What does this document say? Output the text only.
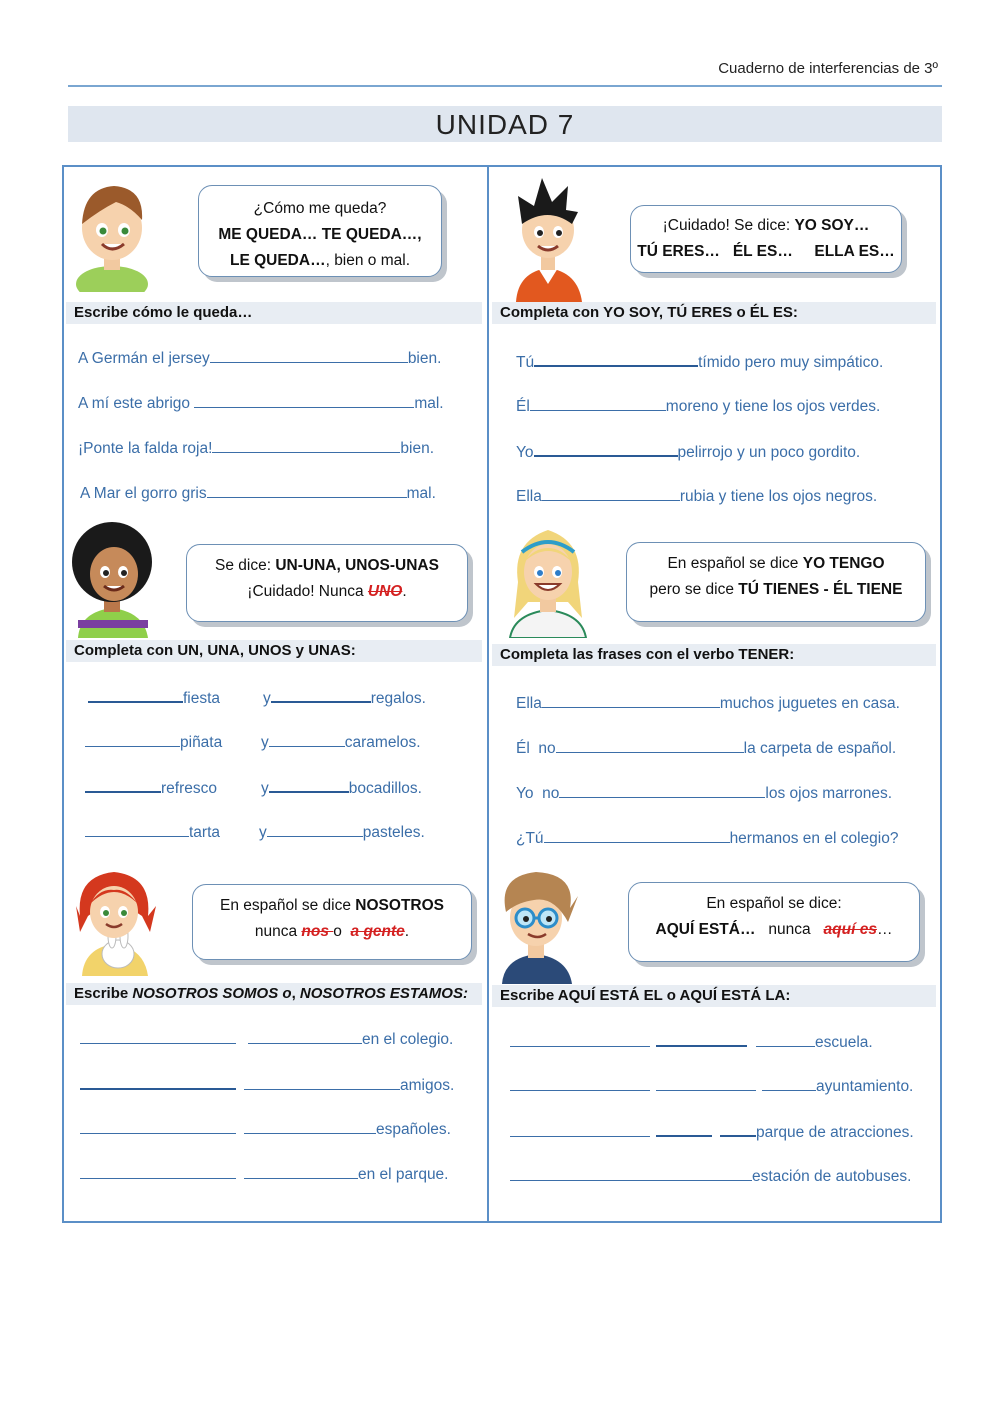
Cuaderno de interferencias de 3º
UNIDAD 7
¿Cómo me queda?
ME QUEDA… TE QUEDA…,
LE QUEDA…, bien o mal.
Escribe cómo le queda…
A Germán el jersey	bien.
A mí este abrigo	mal.
¡Ponte la falda roja!	bien.
A Mar el gorro gris	mal.
¡Cuidado! Se dice: YO SOY…
TÚ ERES…   ÉL ES…     ELLA ES…
Completa con YO SOY, TÚ ERES o ÉL ES:
Tú	tímido pero muy simpático.
Él	moreno y tiene los ojos verdes.
Yo	pelirrojo y un poco gordito.
Ella	rubia y tiene los ojos negros.
Se dice: UN-UNA, UNOS-UNAS
¡Cuidado! Nunca UNO.
Completa con UN, UNA, UNOS y UNAS:
fiesta	y	regalos.
piñata	y	caramelos.
refresco	y	bocadillos.
tarta	y	pasteles.
En español se dice YO TENGO
pero se dice TÚ TIENES - ÉL TIENE
Completa las frases con el verbo TENER:
Ella	muchos juguetes en casa.
Él  no	la carpeta de español.
Yo  no	los ojos marrones.
¿Tú	hermanos en el colegio?
En español se dice NOSOTROS
nunca nos o  a gente.
Escribe NOSOTROS SOMOS o, NOSOTROS ESTAMOS:
en el colegio.
amigos.
españoles.
en el parque.
En español se dice:
AQUÍ ESTÁ…   nunca   aquí es…
Escribe AQUÍ ESTÁ EL o AQUÍ ESTÁ LA:
escuela.
ayuntamiento.
parque de atracciones.
estación de autobuses.
